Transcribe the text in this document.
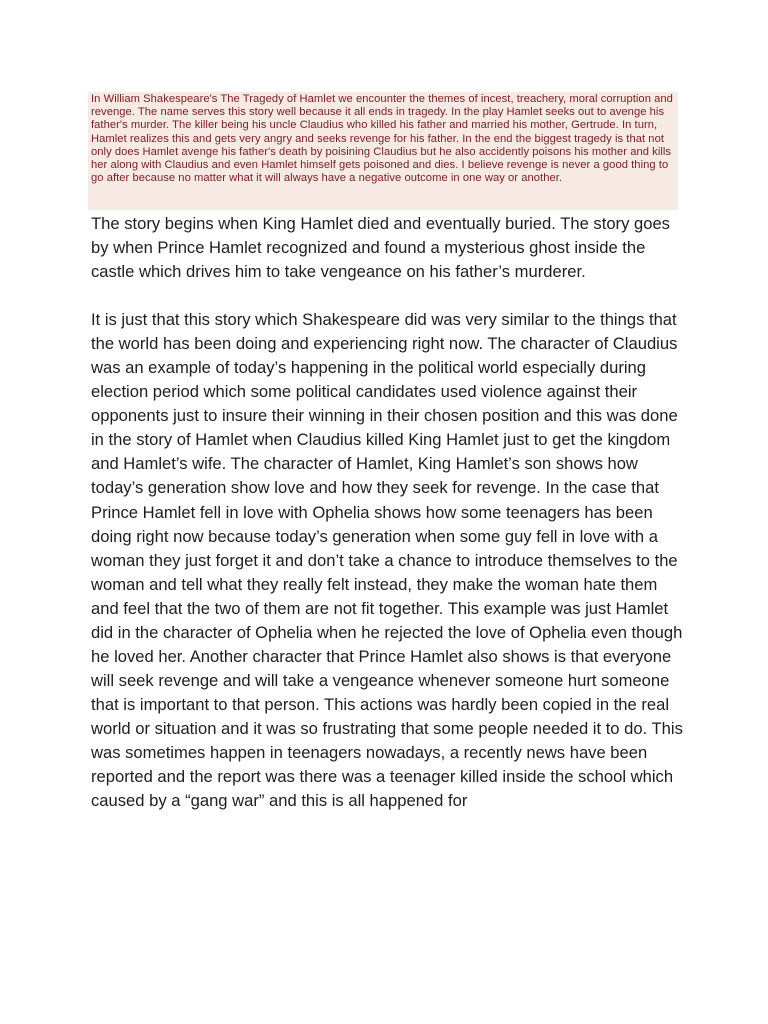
In William Shakespeare's The Tragedy of Hamlet we encounter the themes of incest, treachery, moral corruption and revenge. The name serves this story well because it all ends in tragedy. In the play Hamlet seeks out to avenge his father's murder. The killer being his uncle Claudius who killed his father and married his mother, Gertrude. In turn, Hamlet realizes this and gets very angry and seeks revenge for his father. In the end the biggest tragedy is that not only does Hamlet avenge his father's death by poisining Claudius but he also accidently poisons his mother and kills her along with Claudius and even Hamlet himself gets poisoned and dies. I believe revenge is never a good thing to go after because no matter what it will always have a negative outcome in one way or another.

The story begins when King Hamlet died and eventually buried. The story goes by when Prince Hamlet recognized and found a mysterious ghost inside the castle which drives him to take vengeance on his father’s murderer.

It is just that this story which Shakespeare did was very similar to the things that the world has been doing and experiencing right now. The character of Claudius was an example of today’s happening in the political world especially during election period which some political candidates used violence against their opponents just to insure their winning in their chosen position and this was done in the story of Hamlet when Claudius killed King Hamlet just to get the kingdom and Hamlet’s wife. The character of Hamlet, King Hamlet’s son shows how today’s generation show love and how they seek for revenge. In the case that Prince Hamlet fell in love with Ophelia shows how some teenagers has been doing right now because today’s generation when some guy fell in love with a woman they just forget it and don’t take a chance to introduce themselves to the woman and tell what they really felt instead, they make the woman hate them and feel that the two of them are not fit together. This example was just Hamlet did in the character of Ophelia when he rejected the love of Ophelia even though he loved her. Another character that Prince Hamlet also shows is that everyone will seek revenge and will take a vengeance whenever someone hurt someone that is important to that person. This actions was hardly been copied in the real world or situation and it was so frustrating that some people needed it to do. This was sometimes happen in teenagers nowadays, a recently news have been reported and the report was there was a teenager killed inside the school which caused by a “gang war” and this is all happened for
